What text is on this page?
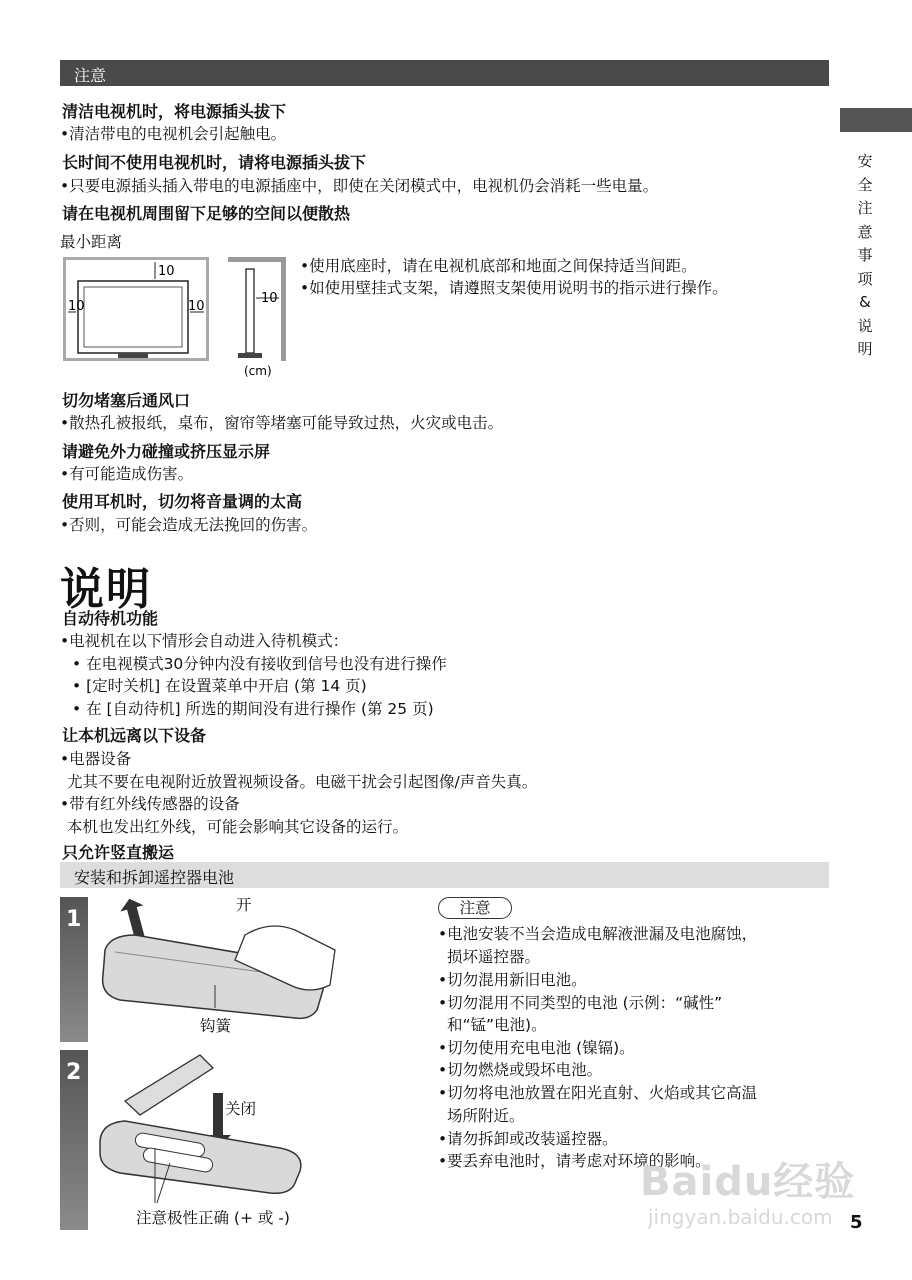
注意
安
全
注
意
事
项
&
说
明
清洁电视机时，将电源插头拔下
•清洁带电的电视机会引起触电。
长时间不使用电视机时，请将电源插头拔下
•只要电源插头插入带电的电源插座中，即使在关闭模式中，电视机仍会消耗一些电量。
请在电视机周围留下足够的空间以便散热
最小距离
10
10	10
10
(cm)
•使用底座时，请在电视机底部和地面之间保持适当间距。
•如使用壁挂式支架，请遵照支架使用说明书的指示进行操作。
切勿堵塞后通风口
•散热孔被报纸，桌布，窗帘等堵塞可能导致过热，火灾或电击。
请避免外力碰撞或挤压显示屏
•有可能造成伤害。
使用耳机时，切勿将音量调的太高
•否则，可能会造成无法挽回的伤害。
说明
自动待机功能
•电视机在以下情形会自动进入待机模式：
• 在电视模式30分钟内没有接收到信号也没有进行操作
• [定时关机] 在设置菜单中开启 (第 14 页)
• 在 [自动待机] 所选的期间没有进行操作 (第 25 页)
让本机远离以下设备
•电器设备
尤其不要在电视附近放置视频设备。电磁干扰会引起图像/声音失真。
•带有红外线传感器的设备
本机也发出红外线，可能会影响其它设备的运行。
只允许竖直搬运
安装和拆卸遥控器电池
1
2
开
钩簧
关闭
注意极性正确 (+ 或 -)
注意
•电池安装不当会造成电解液泄漏及电池腐蚀，
损坏遥控器。
•切勿混用新旧电池。
•切勿混用不同类型的电池 (示例：“碱性”
和“锰”电池)。
•切勿使用充电电池 (镍镉)。
•切勿燃烧或毁坏电池。
•切勿将电池放置在阳光直射、火焰或其它高温
场所附近。
•请勿拆卸或改装遥控器。
•要丢弃电池时，请考虑对环境的影响。
Baidu经验
jingyan.baidu.com 5
